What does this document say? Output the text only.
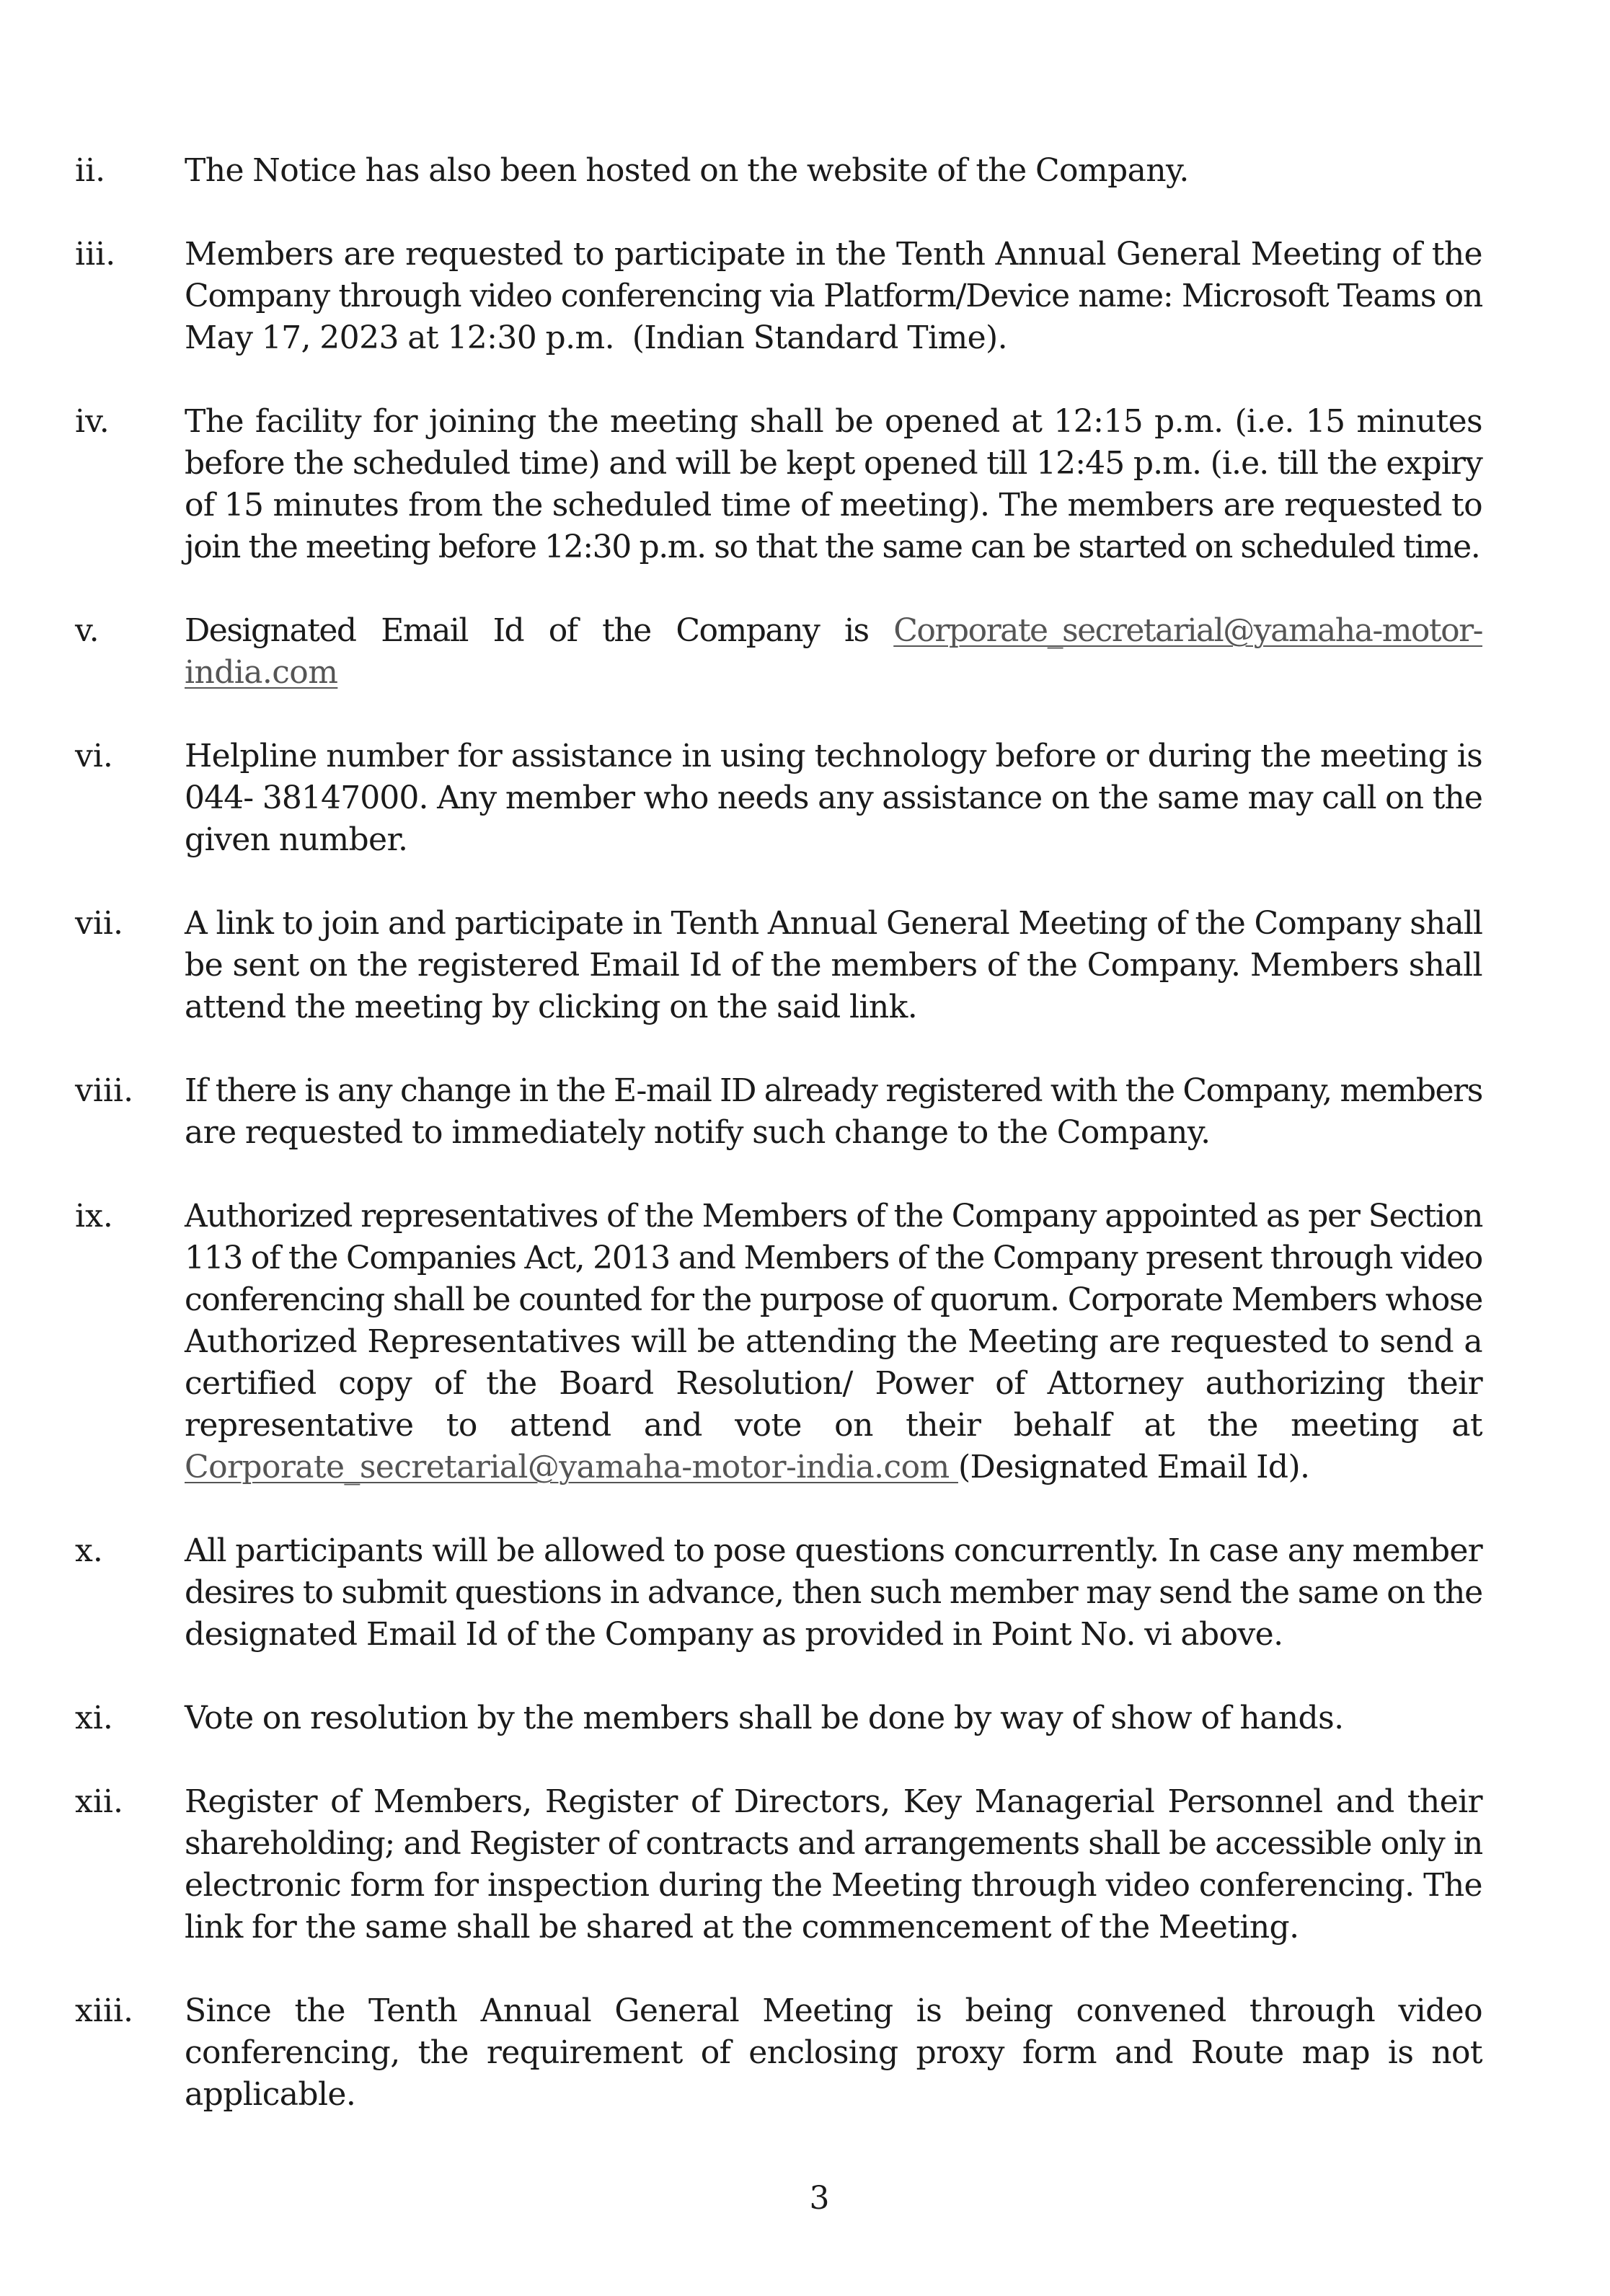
ii. The Notice has also been hosted on the website of the Company.
iii. Members are requested to participate in the Tenth Annual General Meeting of the
Company through video conferencing via Platform/Device name: Microsoft Teams on
May 17, 2023 at 12:30 p.m.  (Indian Standard Time).
iv. The facility for joining the meeting shall be opened at 12:15 p.m. (i.e. 15 minutes
before the scheduled time) and will be kept opened till 12:45 p.m. (i.e. till the expiry
of 15 minutes from the scheduled time of meeting). The members are requested to
join the meeting before 12:30 p.m. so that the same can be started on scheduled time.
v.	Designated Email Id of the Company is Corporate_secretarial@yamaha-motor-
india.com
vi. Helpline number for assistance in using technology before or during the meeting is
044- 38147000. Any member who needs any assistance on the same may call on the
given number.
vii. A link to join and participate in Tenth Annual General Meeting of the Company shall
be sent on the registered Email Id of the members of the Company. Members shall
attend the meeting by clicking on the said link.
viii. If there is any change in the E-mail ID already registered with the Company, members
are requested to immediately notify such change to the Company.
ix. Authorized representatives of the Members of the Company appointed as per Section
113 of the Companies Act, 2013 and Members of the Company present through video
conferencing shall be counted for the purpose of quorum. Corporate Members whose
Authorized Representatives will be attending the Meeting are requested to send a
certified copy of the Board Resolution/ Power of Attorney authorizing their
representative to attend and vote on their behalf at the meeting at
Corporate_secretarial@yamaha-motor-india.com (Designated Email Id).
x.	All participants will be allowed to pose questions concurrently. In case any member
desires to submit questions in advance, then such member may send the same on the
designated Email Id of the Company as provided in Point No. vi above.
xi. Vote on resolution by the members shall be done by way of show of hands.
xii. Register of Members, Register of Directors, Key Managerial Personnel and their
shareholding; and Register of contracts and arrangements shall be accessible only in
electronic form for inspection during the Meeting through video conferencing. The
link for the same shall be shared at the commencement of the Meeting.
xiii. Since the Tenth Annual General Meeting is being convened through video
conferencing, the requirement of enclosing proxy form and Route map is not
applicable.
3
